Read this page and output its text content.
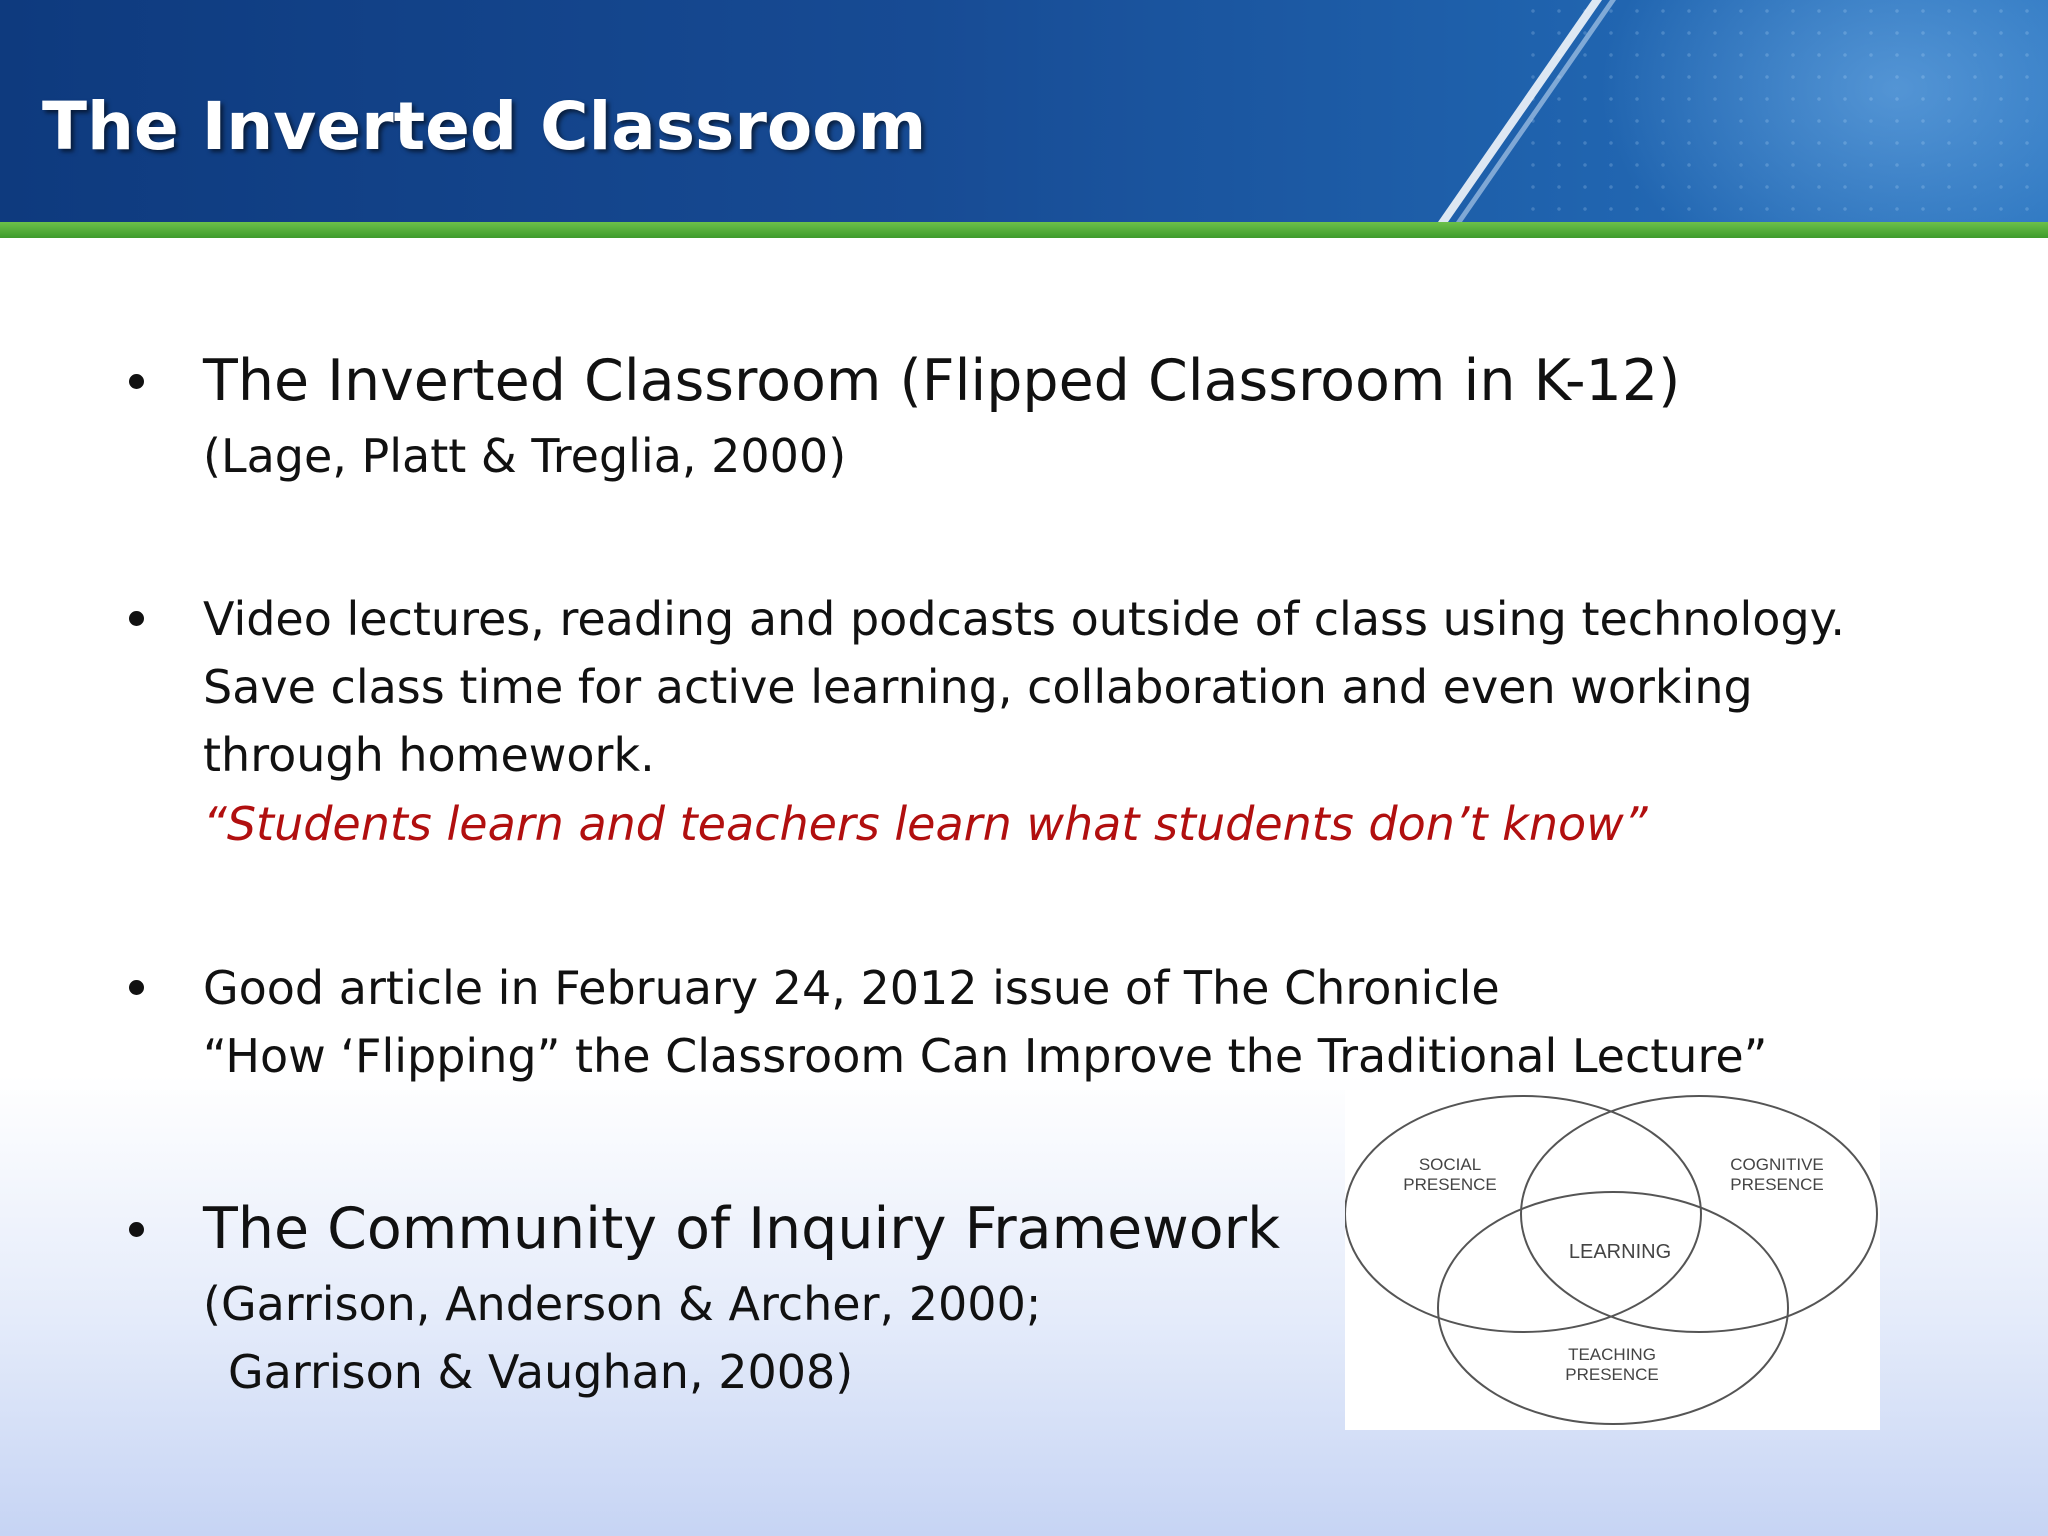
The Inverted Classroom

The Inverted Classroom (Flipped Classroom in K-12)

(Lage, Platt & Treglia, 2000)

Video lectures, reading and podcasts outside of class using technology.

Save class time for active learning, collaboration and even working

through homework.

“Students learn and teachers learn what students don’t know”

Good article in February 24, 2012 issue of The Chronicle

“How ‘Flipping” the Classroom Can Improve the Traditional Lecture”

The Community of Inquiry Framework

(Garrison, Anderson & Archer, 2000;

Garrison & Vaughan, 2008)

SOCIAL
PRESENCE
COGNITIVE
PRESENCE
LEARNING
TEACHING
PRESENCE
